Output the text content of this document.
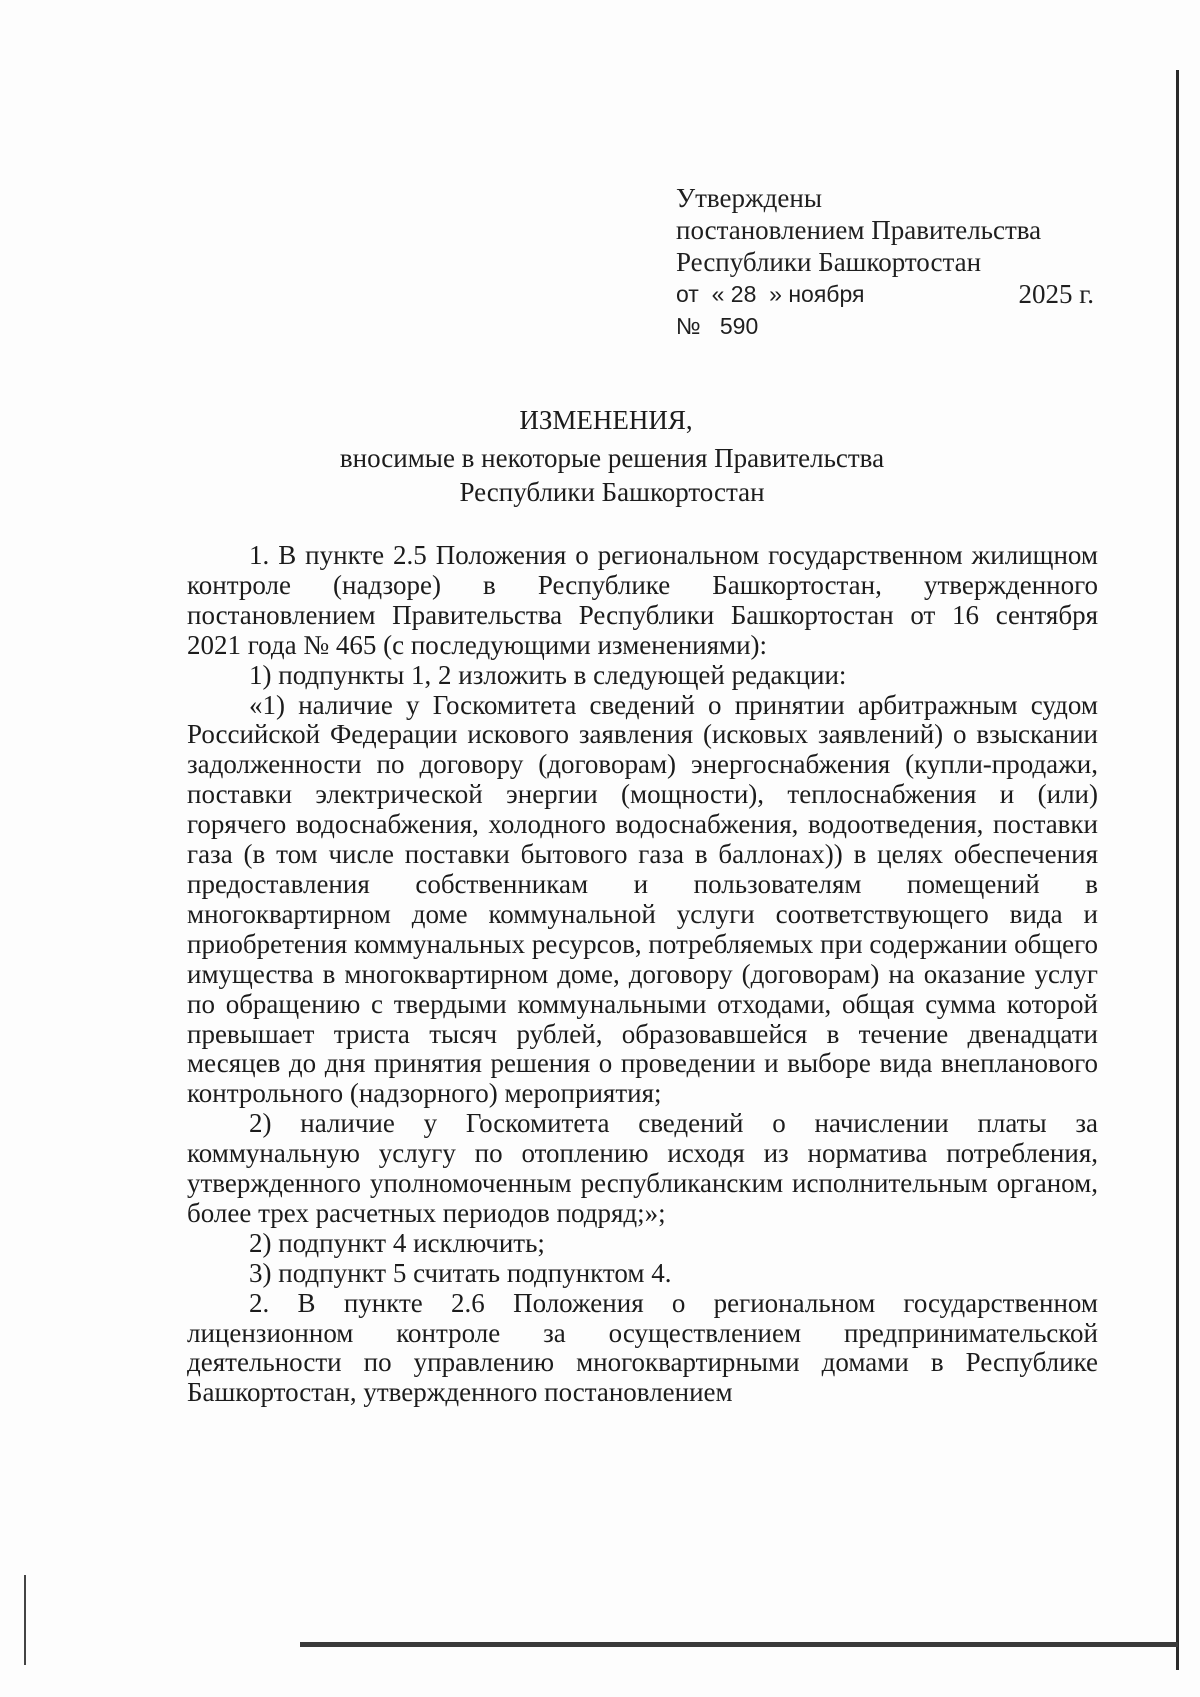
Утверждены
постановлением Правительства
Республики Башкортостан
от « 28 » ноября	2025 г.
№ 590
ИЗМЕНЕНИЯ,
вносимые в некоторые решения Правительства
Республики Башкортостан

1. В пункте 2.5 Положения о региональном государственном жилищном контроле (надзоре) в Республике Башкортостан, утвержденного постановлением Правительства Республики Башкортостан от 16 сентября 2021 года № 465 (с последующими изменениями):

1) подпункты 1, 2 изложить в следующей редакции:

«1) наличие у Госкомитета сведений о принятии арбитражным судом Российской Федерации искового заявления (исковых заявлений) о взыскании задолженности по договору (договорам) энергоснабжения (купли-продажи, поставки электрической энергии (мощности), теплоснабжения и (или) горячего водоснабжения, холодного водоснабжения, водоотведения, поставки газа (в том числе поставки бытового газа в баллонах)) в целях обеспечения предоставления собственникам и пользователям помещений в многоквартирном доме коммунальной услуги соответствующего вида и приобретения коммунальных ресурсов, потребляемых при содержании общего имущества в многоквартирном доме, договору (договорам) на оказание услуг по обращению с твердыми коммунальными отходами, общая сумма которой превышает триста тысяч рублей, образовавшейся в течение двенадцати месяцев до дня принятия решения о проведении и выборе вида внепланового контрольного (надзорного) мероприятия;

2) наличие у Госкомитета сведений о начислении платы за коммунальную услугу по отоплению исходя из норматива потребления, утвержденного уполномоченным республиканским исполнительным органом, более трех расчетных периодов подряд;»;

2) подпункт 4 исключить;

3) подпункт 5 считать подпунктом 4.

2. В пункте 2.6 Положения о региональном государственном лицензионном контроле за осуществлением предпринимательской деятельности по управлению многоквартирными домами в Республике Башкортостан, утвержденного постановлением
